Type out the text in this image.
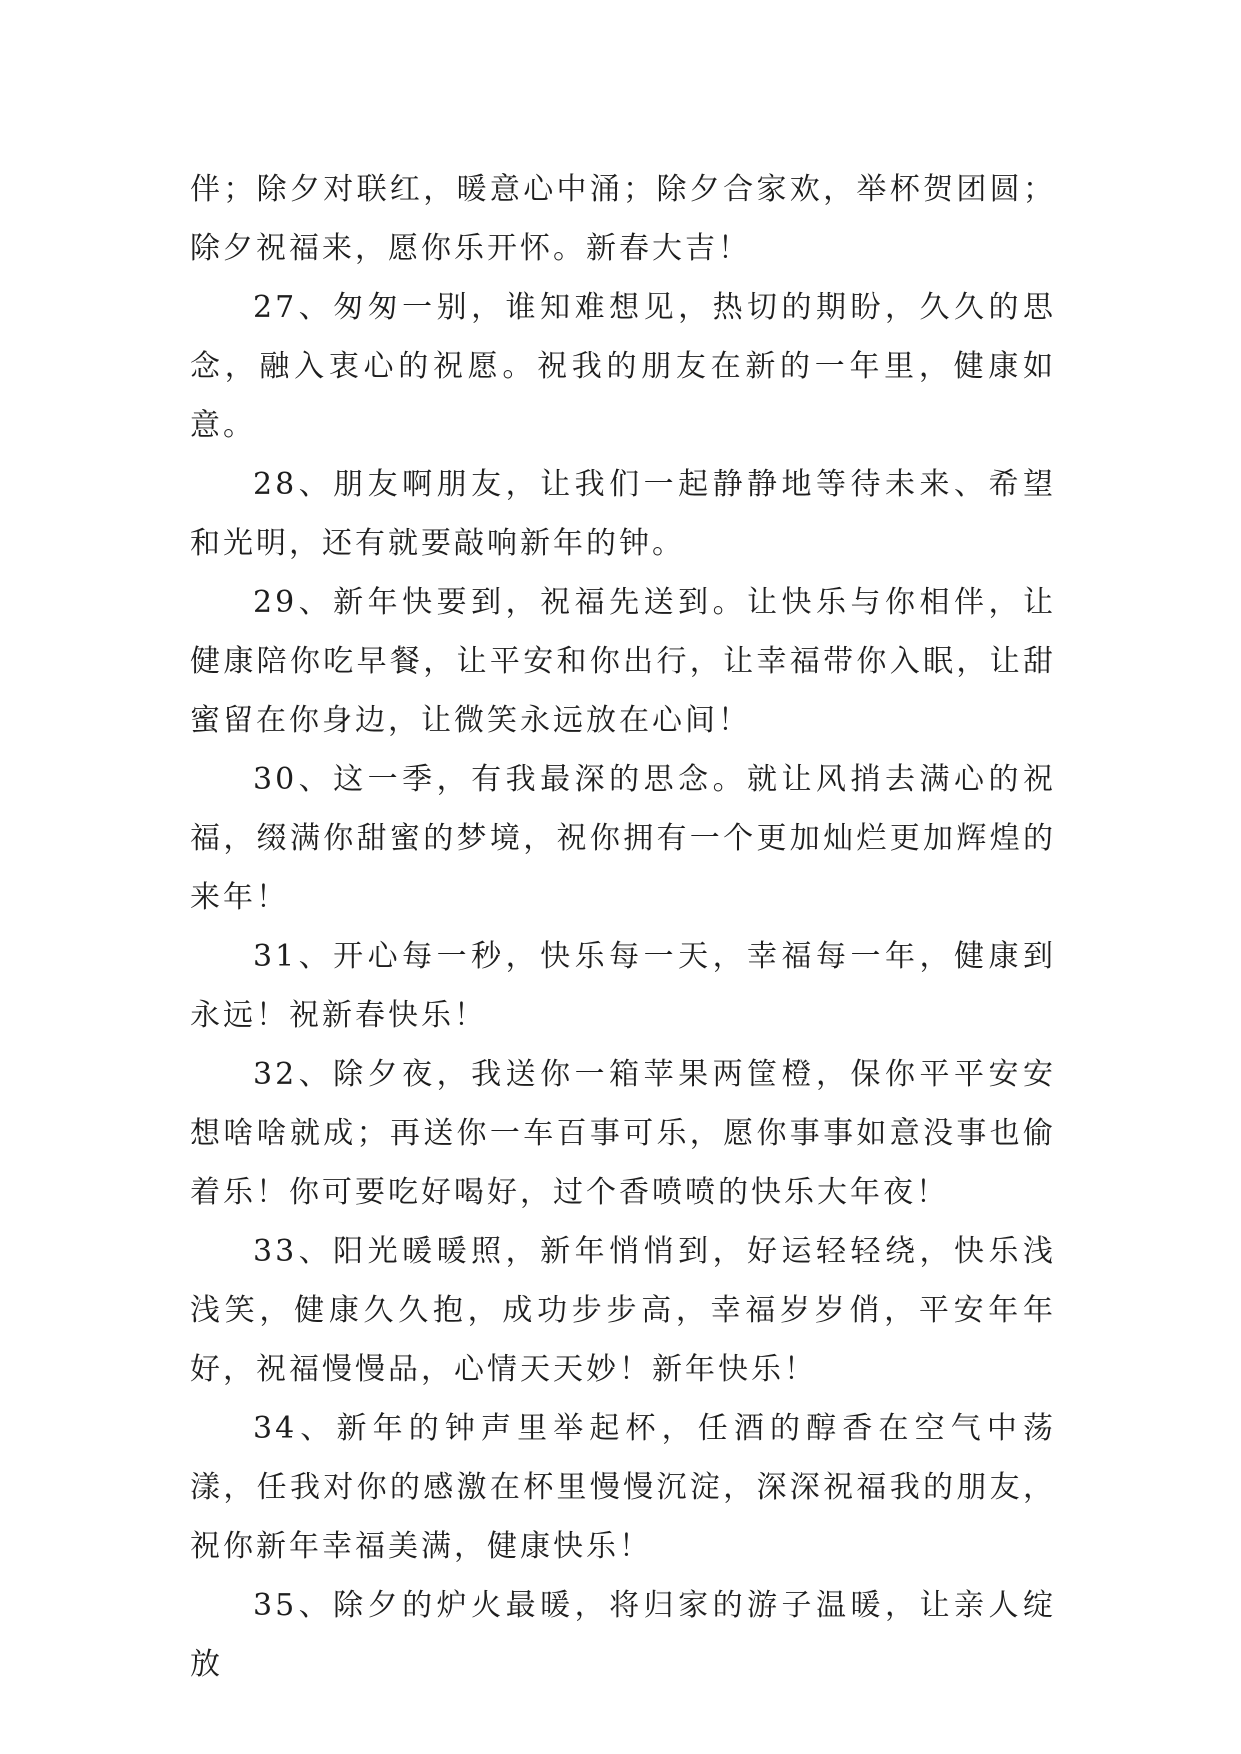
伴；除夕对联红，暖意心中涌；除夕合家欢，举杯贺团圆；除夕祝福来，愿你乐开怀。新春大吉！

27、匆匆一别，谁知难想见，热切的期盼，久久的思念，融入衷心的祝愿。祝我的朋友在新的一年里，健康如意。

28、朋友啊朋友，让我们一起静静地等待未来、希望和光明，还有就要敲响新年的钟。

29、新年快要到，祝福先送到。让快乐与你相伴，让健康陪你吃早餐，让平安和你出行，让幸福带你入眠，让甜蜜留在你身边，让微笑永远放在心间！

30、这一季，有我最深的思念。就让风捎去满心的祝福，缀满你甜蜜的梦境，祝你拥有一个更加灿烂更加辉煌的来年！

31、开心每一秒，快乐每一天，幸福每一年，健康到永远！祝新春快乐！

32、除夕夜，我送你一箱苹果两筐橙，保你平平安安想啥啥就成；再送你一车百事可乐，愿你事事如意没事也偷着乐！你可要吃好喝好，过个香喷喷的快乐大年夜！

33、阳光暖暖照，新年悄悄到，好运轻轻绕，快乐浅浅笑，健康久久抱，成功步步高，幸福岁岁俏，平安年年好，祝福慢慢品，心情天天妙！新年快乐！

34、新年的钟声里举起杯，任酒的醇香在空气中荡漾，任我对你的感激在杯里慢慢沉淀，深深祝福我的朋友，祝你新年幸福美满，健康快乐！

35、除夕的炉火最暖，将归家的游子温暖，让亲人绽放
